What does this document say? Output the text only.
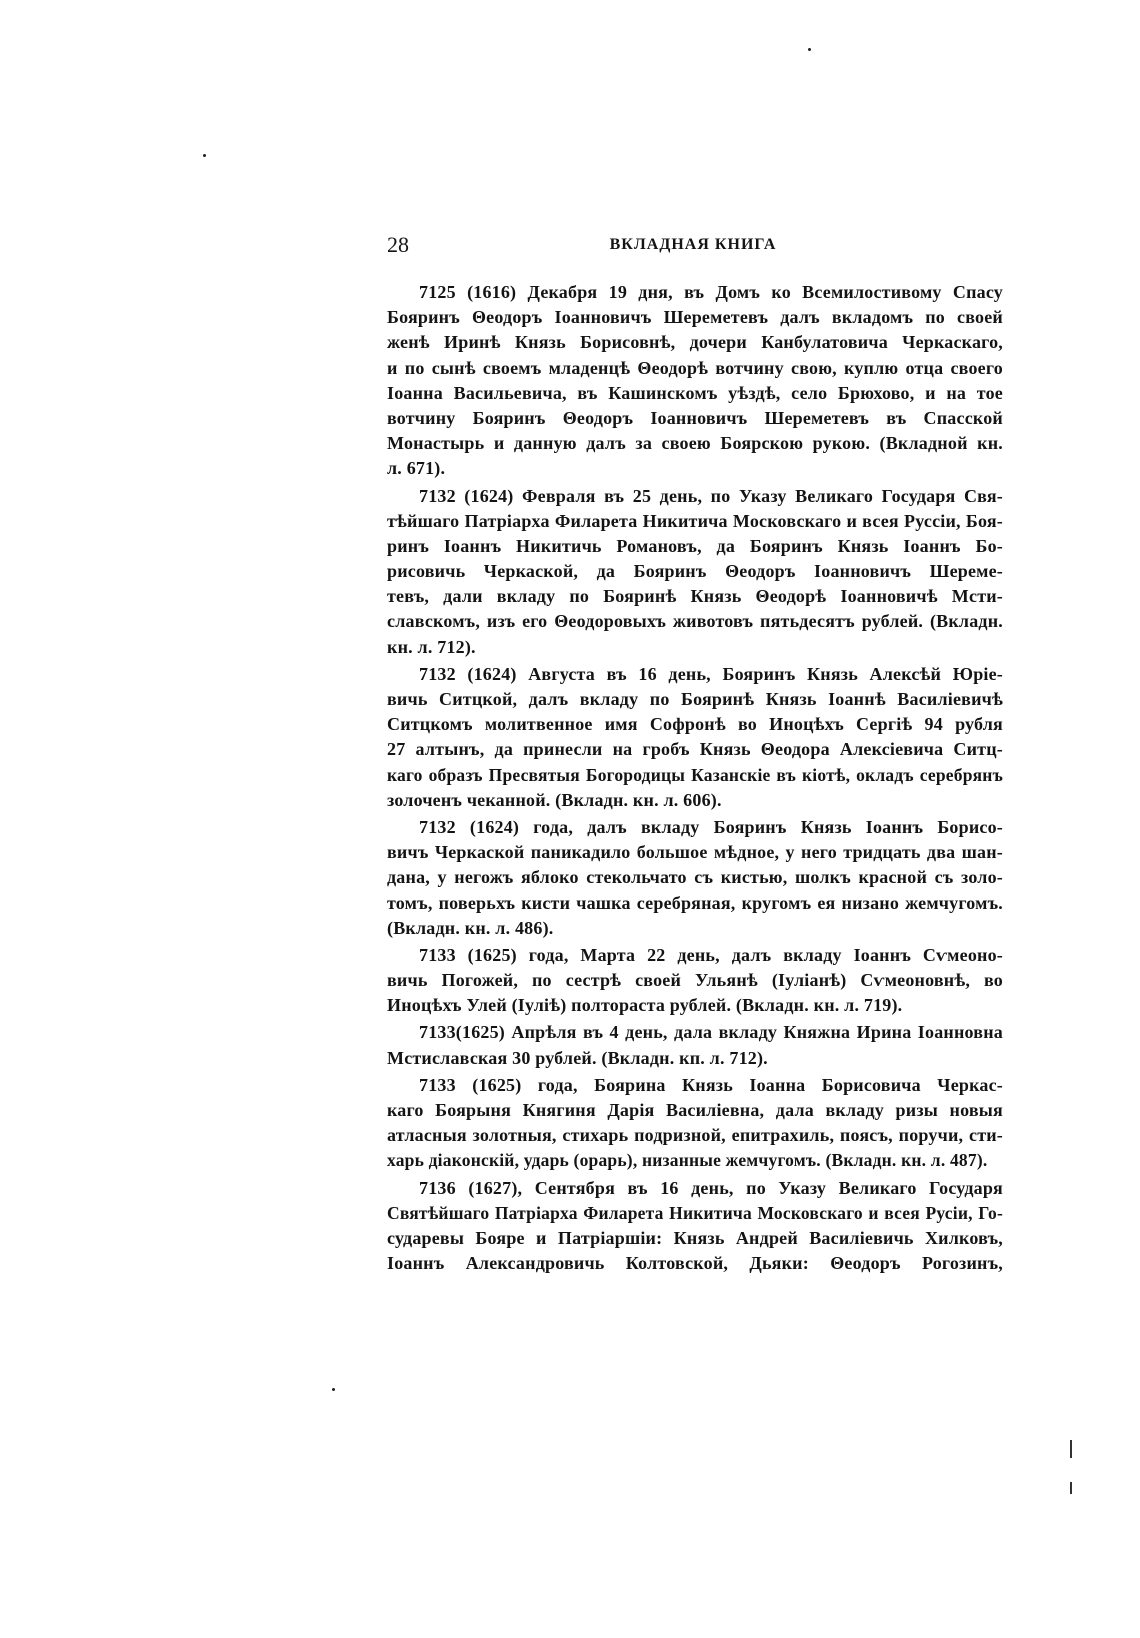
28	ВКЛАДНАЯ КНИГА
7125 (1616) Декабря 19 дня, въ Домъ ко Всемилостивому Спасу
Бояринъ Θеодоръ Іоанновичъ Шереметевъ далъ вкладомъ по своей
женѣ Иринѣ Князь Борисовнѣ, дочери Канбулатовича Черкаскаго,
и по сынѣ своемъ младенцѣ Θеодорѣ вотчину свою, куплю отца своего
Іоанна Васильевича, въ Кашинскомъ уѣздѣ, село Брюхово, и на тое
вотчину Бояринъ Θеодоръ Іоанновичъ Шереметевъ въ Спасской
Монастырь и данную далъ за своею Боярскою рукою. (Вкладной кн.
л. 671).
7132 (1624) Февраля въ 25 день, по Указу Великаго Государя Свя-
тѣйшаго Патріарха Филарета Никитича Московскаго и всея Руссіи, Боя-
ринъ Іоаннъ Никитичь Романовъ, да Бояринъ Князь Іоаннъ Бо-
рисовичь Черкаской, да Бояринъ Θеодоръ Іоанновичъ Шереме-
тевъ, дали вкладу по Бояринѣ Князь Θеодорѣ Іоанновичѣ Мсти-
славскомъ, изъ его Θеодоровыхъ животовъ пятьдесятъ рублей. (Вкладн.
кн. л. 712).
7132 (1624) Августа въ 16 день, Бояринъ Князь Алексѣй Юріе-
вичь Ситцкой, далъ вкладу по Бояринѣ Князь Іоаннѣ Василіевичѣ
Ситцкомъ молитвенное имя Софронѣ во Иноцѣхъ Сергіѣ 94 рубля
27 алтынъ, да принесли на гробъ Князь Θеодора Алексіевича Ситц-
каго образъ Пресвятыя Богородицы Казанскіе въ кіотѣ, окладъ серебрянъ
золоченъ чеканной. (Вкладн. кн. л. 606).
7132 (1624) года, далъ вкладу Бояринъ Князь Іоаннъ Борисо-
вичъ Черкаской паникадило большое мѣдное, у него тридцать два шан-
дана, у негожъ яблоко стекольчато съ кистью, шолкъ красной съ золо-
томъ, поверьхъ кисти чашка серебряная, кругомъ ея низано жемчугомъ.
(Вкладн. кн. л. 486).
7133 (1625) года, Марта 22 день, далъ вкладу Іоаннъ Сѵмеоно-
вичь Погожей, по сестрѣ своей Ульянѣ (Іуліанѣ) Сѵмеоновнѣ, во
Иноцѣхъ Улей (Іуліѣ) полтораста рублей. (Вкладн. кн. л. 719).
7133(1625) Апрѣля въ 4 день, дала вкладу Княжна Ирина Іоанновна
Мстиславская 30 рублей. (Вкладн. кп. л. 712).
7133 (1625) года, Боярина Князь Іоанна Борисовича Черкас-
каго Боярыня Княгиня Дарія Василіевна, дала вкладу ризы новыя
атласныя золотныя, стихарь подризной, епитрахиль, поясъ, поручи, сти-
харь діаконскій, ударь (орарь), низанные жемчугомъ. (Вкладн. кн. л. 487).
7136 (1627), Сентября въ 16 день, по Указу Великаго Государя
Святѣйшаго Патріарха Филарета Никитича Московскаго и всея Русіи, Го-
сударевы Бояре и Патріаршіи: Князь Андрей Василіевичь Хилковъ,
Іоаннъ Александровичь Колтовской, Дьяки: Θеодоръ Рогозинъ,
